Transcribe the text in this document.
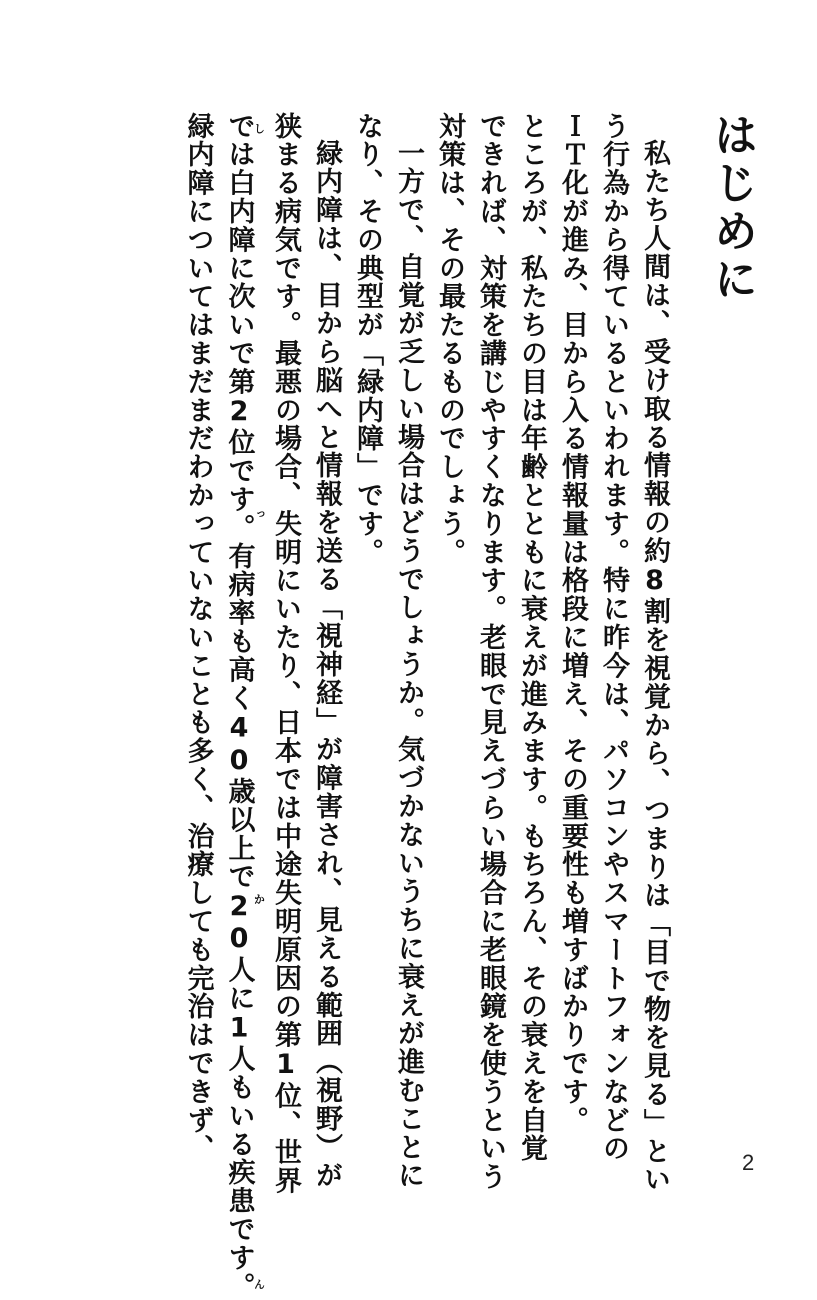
はじめに

私たち人間は、受け取る情報の約8割を視覚から、つまりは「目で物を見る」とい

う行為から得ているといわれます。特に昨今は、パソコンやスマートフォンなどの

ＩＴ化が進み、目から入る情報量は格段に増え、その重要性も増すばかりです。

ところが、私たちの目は年齢とともに衰えが進みます。もちろん、その衰えを自覚

できれば、対策を講じやすくなります。老眼で見えづらい場合に老眼鏡を使うという

対策は、その最たるものでしょう。

一方で、自覚が乏しい場合はどうでしょうか。気づかないうちに衰えが進むことに

なり、その典型が「緑内障」です。

緑内障は、目から脳へと情報を送る「視神経」が障害され、見える範囲（視野）が

狭まる病気です。最悪の場合、失明にいたり、日本では中途失明原因の第1位、世界

では白内障に次いで第2位です。有病率も高く40歳以上で20人に1人もいる疾患です。しっかん

緑内障についてはまだまだわかっていないことも多く、治療しても完治はできず、	2
